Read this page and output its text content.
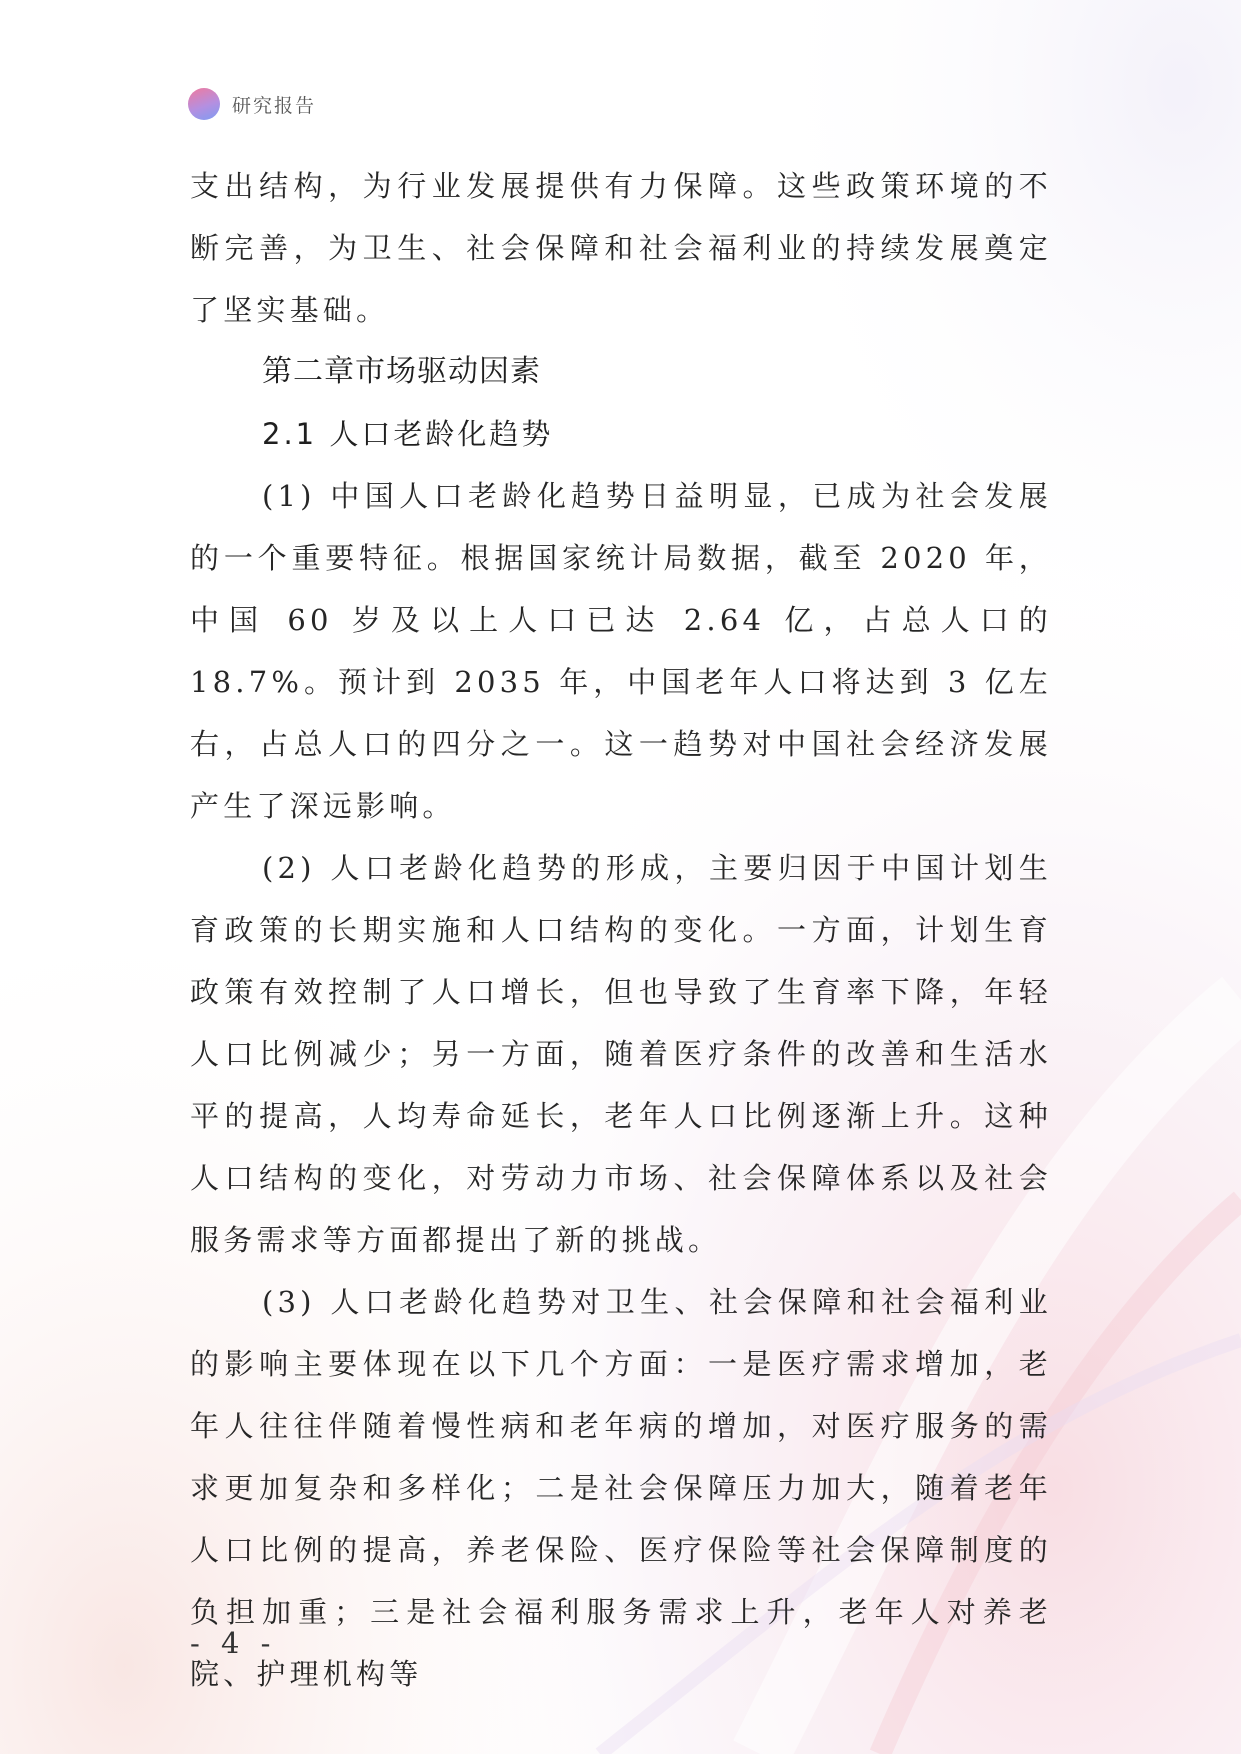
研究报告

支出结构，为行业发展提供有力保障。这些政策环境的不断完善，为卫生、社会保障和社会福利业的持续发展奠定了坚实基础。

第二章市场驱动因素

2.1 人口老龄化趋势

(1) 中国人口老龄化趋势日益明显，已成为社会发展的一个重要特征。根据国家统计局数据，截至 2020 年，中国 60 岁及以上人口已达 2.64 亿，占总人口的 18.7%。预计到 2035 年，中国老年人口将达到 3 亿左右，占总人口的四分之一。这一趋势对中国社会经济发展产生了深远影响。

(2) 人口老龄化趋势的形成，主要归因于中国计划生育政策的长期实施和人口结构的变化。一方面，计划生育政策有效控制了人口增长，但也导致了生育率下降，年轻人口比例减少；另一方面，随着医疗条件的改善和生活水平的提高，人均寿命延长，老年人口比例逐渐上升。这种人口结构的变化，对劳动力市场、社会保障体系以及社会服务需求等方面都提出了新的挑战。

(3) 人口老龄化趋势对卫生、社会保障和社会福利业的影响主要体现在以下几个方面：一是医疗需求增加，老年人往往伴随着慢性病和老年病的增加，对医疗服务的需求更加复杂和多样化；二是社会保障压力加大，随着老年人口比例的提高，养老保险、医疗保险等社会保障制度的负担加重；三是社会福利服务需求上升，老年人对养老院、护理机构等

- 4 -
